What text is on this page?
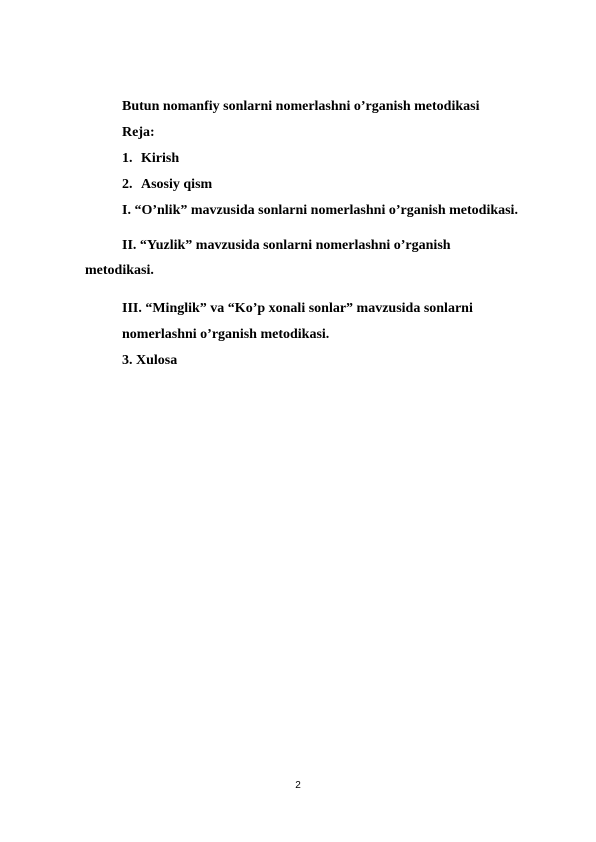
Butun nomanfiy sonlarni nomerlashni o’rganish metodikasi
Reja:
1. Kirish
2. Asosiy qism
I. “O’nlik” mavzusida sonlarni nomerlashni o’rganish metodikasi.
II. “Yuzlik” mavzusida sonlarni nomerlashni o’rganish
metodikasi.
III. “Minglik” va “Ko’p xonali sonlar” mavzusida sonlarni
nomerlashni o’rganish metodikasi.
3. Xulosa
2
